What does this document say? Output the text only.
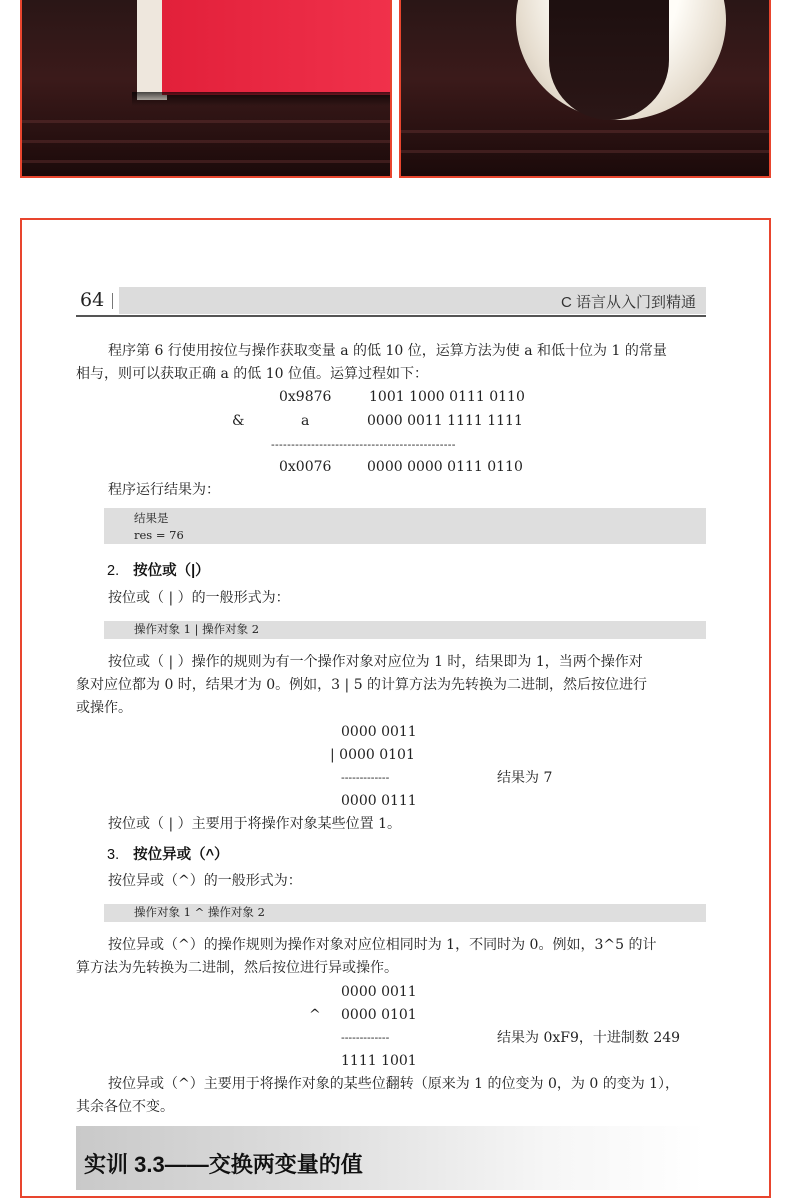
64	C 语言从入门到精通
程序第 6 行使用按位与操作获取变量 a 的低 10 位，运算方法为使 a 和低十位为 1 的常量
相与，则可以获取正确 a 的低 10 位值。运算过程如下：
0x9876	1001 1000 0111 0110
&	a	0000 0011 1111 1111
----------------------------------------------
0x0076	0000 0000 0111 0110
程序运行结果为：
结果是
res = 76
2. 按位或（|）
按位或（ | ）的一般形式为：
操作对象 1 | 操作对象 2
按位或（ | ）操作的规则为有一个操作对象对应位为 1 时，结果即为 1，当两个操作对
象对应位都为 0 时，结果才为 0。例如，3 | 5 的计算方法为先转换为二进制，然后按位进行
或操作。
0000 0011
| 0000 0101
-------------	结果为 7
0000 0111
按位或（ | ）主要用于将操作对象某些位置 1。
3. 按位异或（^）
按位异或（^）的一般形式为：
操作对象 1 ^ 操作对象 2
按位异或（^）的操作规则为操作对象对应位相同时为 1，不同时为 0。例如，3^5 的计
算方法为先转换为二进制，然后按位进行异或操作。
0000 0011
^ 0000 0101
-------------	结果为 0xF9，十进制数 249
1111 1001
按位异或（^）主要用于将操作对象的某些位翻转（原来为 1 的位变为 0，为 0 的变为 1），
其余各位不变。
实训 3.3——交换两变量的值
